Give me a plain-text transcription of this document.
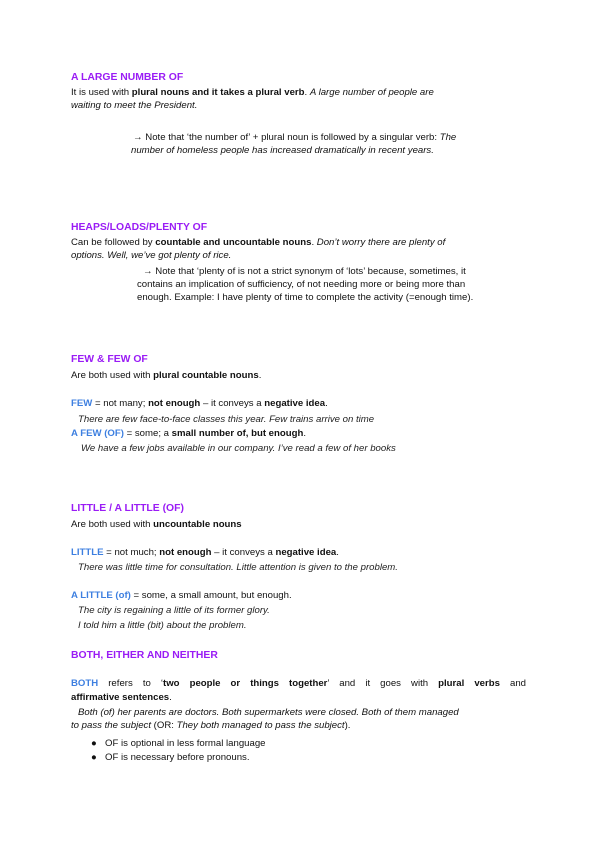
A LARGE NUMBER OF
It is used with plural nouns and it takes a plural verb. A large number of people are
waiting to meet the President.
→ Note that ‘the number of’ + plural noun is followed by a singular verb: The
number of homeless people has increased dramatically in recent years.
HEAPS/LOADS/PLENTY OF
Can be followed by countable and uncountable nouns. Don’t worry there are plenty of
options. Well, we’ve got plenty of rice.
→ Note that ‘plenty of is not a strict synonym of ‘lots’ because, sometimes, it
contains an implication of sufficiency, of not needing more or being more than
enough. Example: I have plenty of time to complete the activity (=enough time).
FEW & FEW OF
Are both used with plural countable nouns.
FEW = not many; not enough – it conveys a negative idea.
There are few face-to-face classes this year. Few trains arrive on time
A FEW (OF) = some; a small number of, but enough.
We have a few jobs available in our company. I’ve read a few of her books
LITTLE / A LITTLE (OF)
Are both used with uncountable nouns
LITTLE = not much; not enough – it conveys a negative idea.
There was little time for consultation. Little attention is given to the problem.
A LITTLE (of) = some, a small amount, but enough.
The city is regaining a little of its former glory.
I told him a little (bit) about the problem.
BOTH, EITHER AND NEITHER
BOTH refers to ‘two people or things together’ and it goes with plural verbs and
affirmative sentences.
Both (of) her parents are doctors. Both supermarkets were closed. Both of them managed
to pass the subject (OR: They both managed to pass the subject).
● OF is optional in less formal language
● OF is necessary before pronouns.
